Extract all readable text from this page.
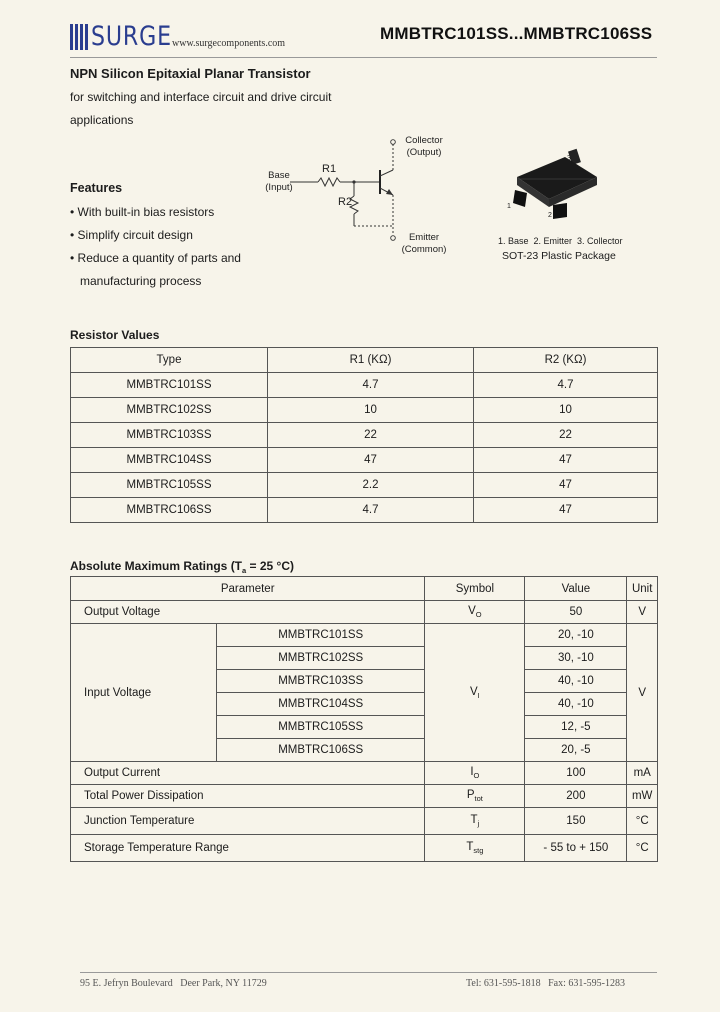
SURGE www.surgecomponents.com
MMBTRC101SS...MMBTRC106SS
NPN Silicon Epitaxial Planar Transistor
for switching and interface circuit and drive circuit
applications
Features
• With built-in bias resistors
• Simplify circuit design
• Reduce a quantity of parts and
manufacturing process
Collector
(Output)
Base
(Input)
R1
R2
Emitter
(Common)
1
2
3
1. Base  2. Emitter  3. Collector
SOT-23 Plastic Package
Resistor Values
Type	R1 (KΩ)	R2 (KΩ)
MMBTRC101SS	4.7	4.7
MMBTRC102SS	10	10
MMBTRC103SS	22	22
MMBTRC104SS	47	47
MMBTRC105SS	2.2	47
MMBTRC106SS	4.7	47
Absolute Maximum Ratings ($T_a = 25$ °C)
Parameter		Symbol	Value	Unit
Output Voltage		$V_O$	50	V
Input Voltage	MMBTRC101SS	$V_I$	20, -10	V
	MMBTRC102SS		30, -10	
	MMBTRC103SS		40, -10	
	MMBTRC104SS		40, -10	
	MMBTRC105SS		12, -5	
	MMBTRC106SS		20, -5	
Output Current		$I_O$	100	mA
Total Power Dissipation		$P_{tot}$	200	mW
Junction Temperature		$T_j$	150	°C
Storage Temperature Range		$T_{stg}$	- 55 to + 150	°C
95 E. Jefryn Boulevard   Deer Park, NY 11729	Tel: 631-595-1818   Fax: 631-595-1283
